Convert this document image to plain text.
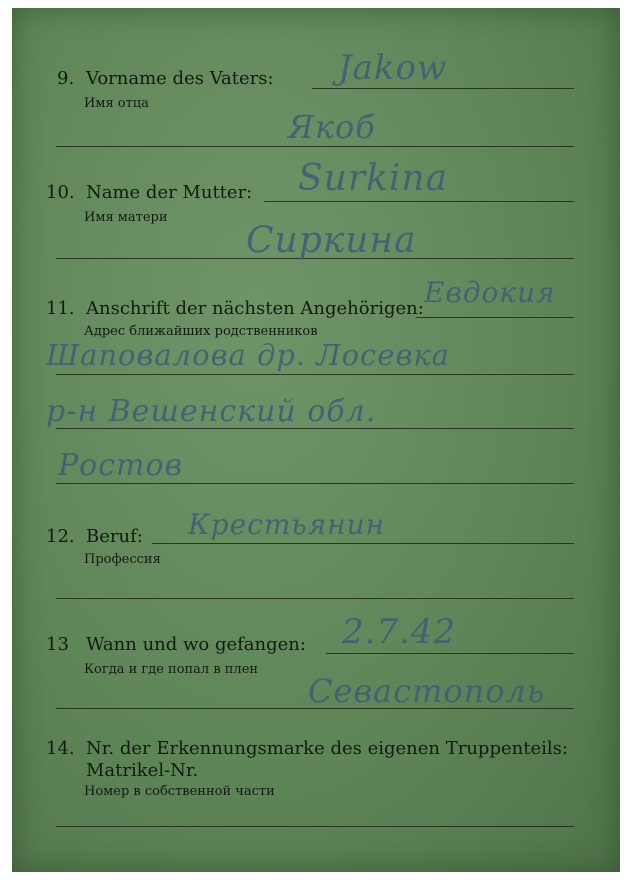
9. Vorname des Vaters:
Имя отца
Jakow
Якоб
10. Name der Mutter:
Имя матери
Surkina
Сиркина
11. Anschrift der nächsten Angehörigen:
Адрес ближайших родственников
Евдокия
Шаповалова др. Лосевка
р-н Вешенский обл.
Ростов
12. Beruf:
Профессия
Крестьянин
13 Wann und wo gefangen:
Когда и где попал в плен
2.7.42
Севастополь
14. Nr. der Erkennungsmarke des eigenen Truppenteils:
Matrikel-Nr.
Номер в собственной части
